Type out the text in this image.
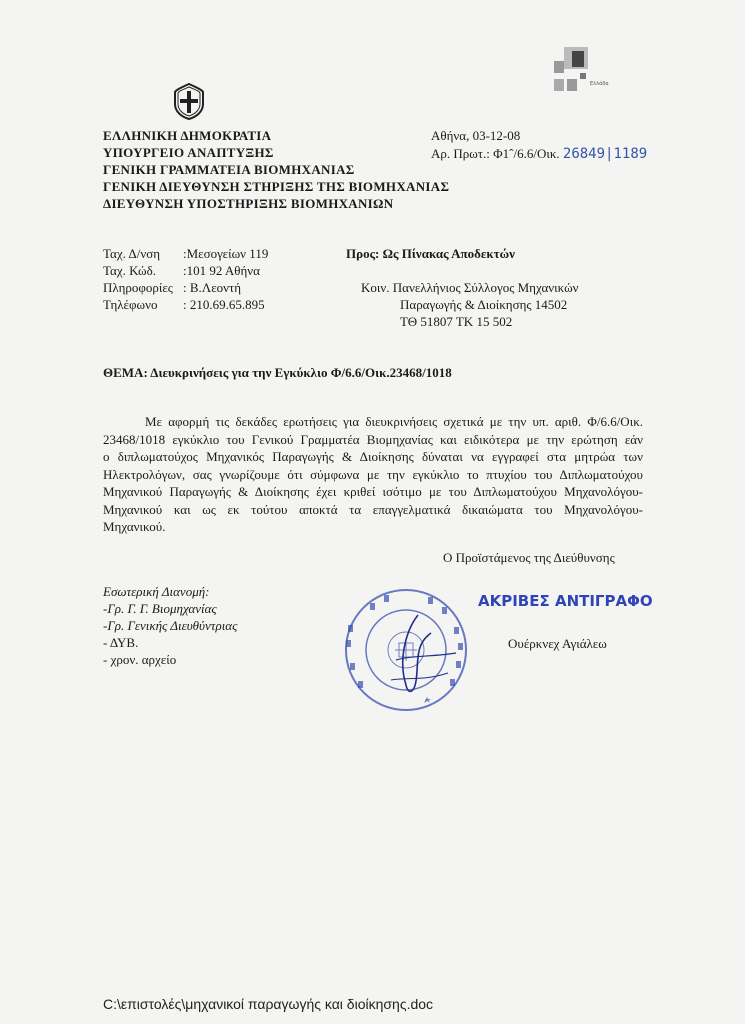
Ελλάδα
ΕΛΛΗΝΙΚΗ ΔΗΜΟΚΡΑΤΙΑ
ΥΠΟΥΡΓΕΙΟ ΑΝΑΠΤΥΞΗΣ
ΓΕΝΙΚΗ ΓΡΑΜΜΑΤΕΙΑ ΒΙΟΜΗΧΑΝΙΑΣ
ΓΕΝΙΚΗ ΔΙΕΥΘΥΝΣΗ ΣΤΗΡΙΞΗΣ ΤΗΣ ΒΙΟΜΗΧΑΝΙΑΣ
ΔΙΕΥΘΥΝΣΗ ΥΠΟΣΤΗΡΙΞΗΣ ΒΙΟΜΗΧΑΝΙΩΝ
Αθήνα, 03-12-08
Αρ. Πρωτ.: Φ1ˆ/6.6/Οικ. 26849|1189
Ταχ. Δ/νση :Μεσογείων 119
Ταχ. Κώδ. :101 92 Αθήνα
Πληροφορίες : Β.Λεοντή
Τηλέφωνο : 210.69.65.895
Προς: Ως Πίνακας Αποδεκτών
Κοιν. Πανελλήνιος Σύλλογος Μηχανικών
Παραγωγής & Διοίκησης 14502
ΤΘ 51807 ΤΚ 15 502
ΘΕΜΑ: Διευκρινήσεις για την Εγκύκλιο Φ/6.6/Οικ.23468/1018
Με αφορμή τις δεκάδες ερωτήσεις για διευκρινήσεις σχετικά με την υπ. αριθ. Φ/6.6/Οικ.
23468/1018 εγκύκλιο του Γενικού Γραμματέα Βιομηχανίας και ειδικότερα με την ερώτηση εάν
ο διπλωματούχος Μηχανικός Παραγωγής & Διοίκησης δύναται να εγγραφεί στα μητρώα των
Ηλεκτρολόγων, σας γνωρίζουμε ότι σύμφωνα με την εγκύκλιο το πτυχίου του Διπλωματούχου
Μηχανικού Παραγωγής & Διοίκησης έχει κριθεί ισότιμο με του Διπλωματούχου Μηχανολόγου-
Μηχανικού και ως εκ τούτου αποκτά τα επαγγελματικά δικαιώματα του Μηχανολόγου-
Μηχανικού.
Ο Προϊστάμενος της Διεύθυνσης
Εσωτερική Διανομή:
-Γρ. Γ. Γ. Βιομηχανίας
-Γρ. Γενικής Διευθύντριας
- ΔΥΒ.
- χρον. αρχείο
ΑΚΡΙΒΕΣ ΑΝΤΙΓΡΑΦΟ
Ουέρκνεχ Αγιάλεω
C:\επιστολές\μηχανικοί παραγωγής και διοίκησης.doc
